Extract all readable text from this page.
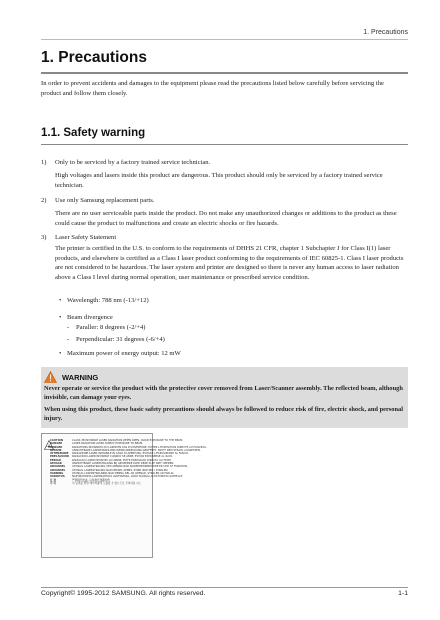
1. Precautions
1. Precautions
In order to prevent accidents and damages to the equipment please read the precautions listed below carefully before servicing the product and follow them closely.
1.1. Safety warning
1) Only to be serviced by a factory trained service technician.
High voltages and lasers inside this product are dangerous. This product should only be serviced by a factory trained service technician.
2) Use only Samsung replacement parts.
There are no user serviceable parts inside the product. Do not make any unauthorized changes or additions to the product as these could cause the product to malfunctions and create an electric shocks or fire hazards.
3) Laser Safety Statement
The printer is certified in the U.S. to conform to the requirements of DHHS 21 CFR, chapter 1 Subchapter J for Class I(1) laser products, and elsewhere is certified as a Class I laser product conforming to the requirements of IEC 60825-1. Class I laser products are not considered to be hazardous. The laser system and printer are designed so there is never any human access to laser radiation above a Class I level during normal operation, user maintenance or prescribed service condition.
• Wavelength: 788 nm (-13/+12)
• Beam divergence
- Paraller: 8 degrees (-2/+4)
- Perpendicular: 31 degrees (-6/+4)
• Maximum power of energy output: 12 mW
WARNING
Never operate or service the product with the protective cover removed from Laser/Scanner assembly. The reflected beam, although invisible, can damage your eyes.
When using this product, these basic safety precautions should always be followed to reduce risk of fire, electric shock, and personal injury.
CAUTION	CLASS 3B INVISIBLE LASER RADIATION WHEN OPEN. AVOID EXPOSURE TO THE BEAM.
DANGER	LASER RADIATION AVOID DIRECT EXPOSURE TO BEAM.
DANGER	RADIATIONS INVISIBLES DU LASER EN CAS D'OUVERTURE. EVITER L'EXPOSITION DIRECTE AU FAISCEAU.
GEFAHR	UNSICHTBARE LASERSTRAHLUNG WENN ABDECKUNG GEOFFNET. NICHT DEM STRAHL AUSSETZEN.
ATTENZIONE RADIAZIONE LASER INVISIBILE IN CASO DI APERTURA. EVITARE L'ESPOSIZIONE AL FASCIO.
PRECAUCION RADIACION LASER INVISIBLE CUANDO SE ABRE. EVITAR EXPONERSE AL RAYO.
PERIGO	RADIACAO LASER INVISIVEL AO ABRIR. EVITE EXPOSICAO DIRECTA AO FEIXE.
GEVAAR	ONZICHTBARE LASERSTRALING BIJ GEOPENDE KLEP. DEZE KLEP NIET OPENEN.
ADVARSEL	USYNLIG LASERSTRALING VED ABNING NAR SIKKERHEDSBRYDERE ER UDE AF FUNKTION.
ADVARSEL	USYNLIG LASERSTRALING NAR DEKSEL APNES. STIRR IKKE INN I STRALEN.
VARNING	OSYNLIG LASERSTRALNING NAR DENNA DEL AR OPPNAD. STRALEN AR FARLIG.
VAROITUS	NAKYMATONTA LASERSATEILYA AVATTAESSA. VARO SUORAA ALTISTUMISTA SATEELLE.
注 意	严禁揭开此盖, 以免激光泄露灼伤
주 의	이 덮개를 열면 레이저광에 노출될 수 있으므로 주의하십시오.
Copyright© 1995-2012 SAMSUNG. All rights reserved.	1-1
